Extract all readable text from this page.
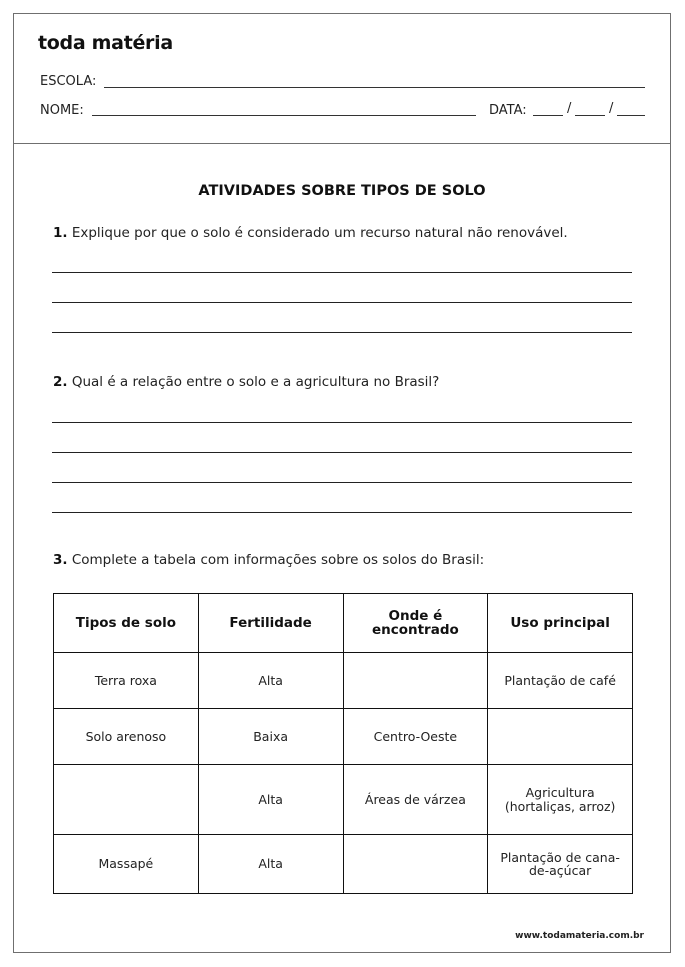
toda matéria
ESCOLA:
NOME:	DATA:	/	/
ATIVIDADES SOBRE TIPOS DE SOLO
1. Explique por que o solo é considerado um recurso natural não renovável.
2. Qual é a relação entre o solo e a agricultura no Brasil?
3. Complete a tabela com informações sobre os solos do Brasil:
Tipos de solo	Fertilidade	Onde é encontrado	Uso principal
Terra roxa	Alta		Plantação de café
Solo arenoso	Baixa	Centro-Oeste	
	Alta	Áreas de várzea	Agricultura (hortaliças, arroz)
Massapé	Alta		Plantação de cana-de-açúcar
www.todamateria.com.br
